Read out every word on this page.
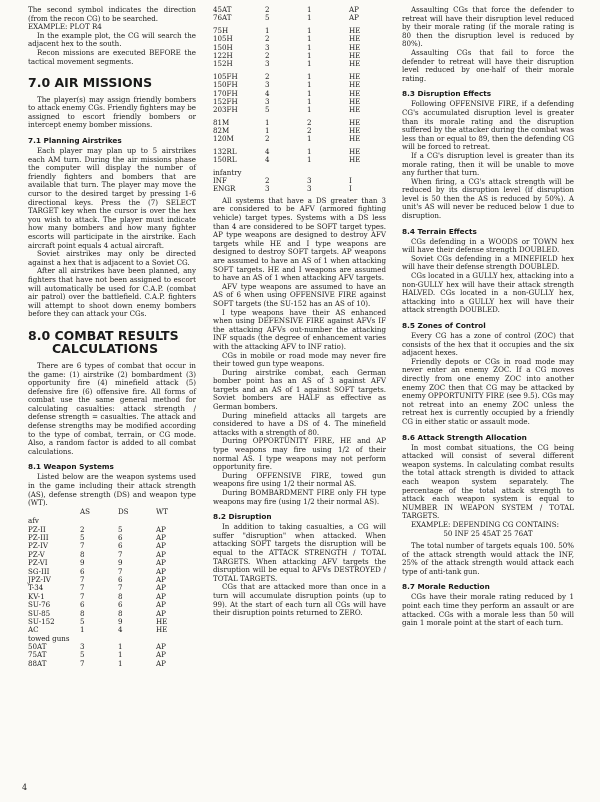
The second symbol indicates the direction (from the recon CG) to be searched.

EXAMPLE: PLOT R4

In the example plot, the CG will search the adjacent hex to the south.

Recon missions are executed BEFORE the tactical movement segments.

7.0 AIR MISSIONS

The player(s) may assign friendly bombers to attack enemy CGs. Friendly fighters may be assigned to escort friendly bombers or intercept enemy bomber missions.

7.1 Planning Airstrikes

Each player may plan up to 5 airstrikes each AM turn. During the air missions phase the computer will display the number of friendly fighters and bombers that are available that turn. The player may move the cursor to the desired target by pressing 1-6 directional keys. Press the (7) SELECT TARGET key when the cursor is over the hex you wish to attack. The player must indicate how many bombers and how many fighter escorts will participate in the airstrike. Each aircraft point equals 4 actual aircraft.

Soviet airstrikes may only be directed against a hex that is adjacent to a Soviet CG.

After all airstrikes have been planned, any fighters that have not been assigned to escort will automatically be used for C.A.P. (combat air patrol) over the battlefield. C.A.P. fighters will attempt to shoot down enemy bombers before they can attack your CGs.

8.0 COMBAT RESULTS
CALCULATIONS

There are 6 types of combat that occur in the game: (1) airstrike (2) bombardment (3) opportunity fire (4) minefield attack (5) defensive fire (6) offensive fire. All forms of combat use the same general method for calculating casualties: attack strength / defense strength = casualties. The attack and defense strengths may be modified according to the type of combat, terrain, or CG mode. Also, a random factor is added to all combat calculations.

8.1 Weapon Systems

Listed below are the weapon systems used in the game including their attack strength (AS), defense strength (DS) and weapon type (WT).

AS	DS	WT
afv
PZ-II	2	5	AP
PZ-III	5	6	AP
PZ-IV	7	6	AP
PZ-V	8	7	AP
PZ-VI	9	9	AP
SG-III	6	7	AP
JPZ-IV	7	6	AP
T-34	7	7	AP
KV-1	7	8	AP
SU-76	6	6	AP
SU-85	8	8	AP
SU-152	5	9	HE
AC	1	4	HE
towed guns
50AT	3	1	AP
75AT	5	1	AP
88AT	7	1	AP
45AT	2	1	AP
76AT	5	1	AP
75H	1	1	HE
105H	2	1	HE
150H	3	1	HE
122H	2	1	HE
152H	3	1	HE
105FH	2	1	HE
150FH	3	1	HE
170FH	4	1	HE
152FH	3	1	HE
203FH	5	1	HE
81M	1	2	HE
82M	1	2	HE
120M	2	1	HE
132RL	4	1	HE
150RL	4	1	HE
infantry
INF	2	3	I
ENGR	3	3	I

All systems that have a DS greater than 3 are considered to be AFV (armored fighting vehicle) target types. Systems with a DS less than 4 are considered to be SOFT target types. AP type weapons are designed to destroy AFV targets while HE and I type weapons are designed to destroy SOFT targets. AP weapons are assumed to have an AS of 1 when attacking SOFT targets. HE and I weapons are assumed to have an AS of 1 when attacking AFV targets.

AFV type weapons are assumed to have an AS of 6 when using OFFENSIVE FIRE against SOFT targets (the SU-152 has an AS of 10).

I type weapons have their AS enhanced when using DEFENSIVE FIRE against AFVs IF the attacking AFVs out-number the attacking INF squads (the degree of enhancement varies with the attacking AFV to INF ratio).

CGs in mobile or road mode may never fire their towed gun type weapons.

During airstrike combat, each German bomber point has an AS of 3 against AFV targets and an AS of 1 against SOFT targets. Soviet bombers are HALF as effective as German bombers.

During minefield attacks all targets are considered to have a DS of 4. The minefield attacks with a strength of 80.

During OPPORTUNITY FIRE, HE and AP type weapons may fire using 1/2 of their normal AS. I type weapons may not perform opportunity fire.

During OFFENSIVE FIRE, towed gun weapons fire using 1/2 their normal AS.

During BOMBARDMENT FIRE only FH type weapons may fire (using 1/2 their normal AS).

8.2 Disruption

In addition to taking casualties, a CG will suffer "disruption" when attacked. When attacking SOFT targets the disruption will be equal to the ATTACK STRENGTH / TOTAL TARGETS. When attacking AFV targets the disruption will be equal to AFVs DESTROYED / TOTAL TARGETS.

CGs that are attacked more than once in a turn will accumulate disruption points (up to 99). At the start of each turn all CGs will have their disruption points returned to ZERO.

Assaulting CGs that force the defender to retreat will have their disruption level reduced by their morale rating (if the morale rating is 80 then the disruption level is reduced by 80%).

Assaulting CGs that fail to force the defender to retreat will have their disruption level reduced by one-half of their morale rating.

8.3 Disruption Effects

Following OFFENSIVE FIRE, if a defending CG's accumulated disruption level is greater than its morale rating and the disruption suffered by the attacker during the combat was less than or equal to 89, then the defending CG will be forced to retreat.

If a CG's disruption level is greater than its morale rating, then it will be unable to move any further that turn.

When firing, a CG's attack strength will be reduced by its disruption level (if disruption level is 50 then the AS is reduced by 50%). A unit's AS will never be reduced below 1 due to disruption.

8.4 Terrain Effects

CGs defending in a WOODS or TOWN hex will have their defense strength DOUBLED.

Soviet CGs defending in a MINEFIELD hex will have their defense strength DOUBLED.

CGs located in a GULLY hex, attacking into a non-GULLY hex will have their attack strength HALVED. CGs located in a non-GULLY hex, attacking into a GULLY hex will have their attack strength DOUBLED.

8.5 Zones of Control

Every CG has a zone of control (ZOC) that consists of the hex that it occupies and the six adjacent hexes.

Friendly depots or CGs in road mode may never enter an enemy ZOC. If a CG moves directly from one enemy ZOC into another enemy ZOC then that CG may be attacked by enemy OPPORTUNITY FIRE (see 9.5). CGs may not retreat into an enemy ZOC unless the retreat hex is currently occupied by a friendly CG in either static or assault mode.

8.6 Attack Strength Allocation

In most combat situations, the CG being attacked will consist of several different weapon systems. In calculating combat results the total attack strength is divided to attack each weapon system separately. The percentage of the total attack strength to attack each weapon system is equal to NUMBER IN WEAPON SYSTEM / TOTAL TARGETS.

EXAMPLE: DEFENDING CG CONTAINS:

50 INF 25 45AT 25 76AT

The total number of targets equals 100. 50% of the attack strength would attack the INF, 25% of the attack strength would attack each type of anti-tank gun.

8.7 Morale Reduction

CGs have their morale rating reduced by 1 point each time they perform an assault or are attacked. CGs with a morale less than 50 will gain 1 morale point at the start of each turn.

4
